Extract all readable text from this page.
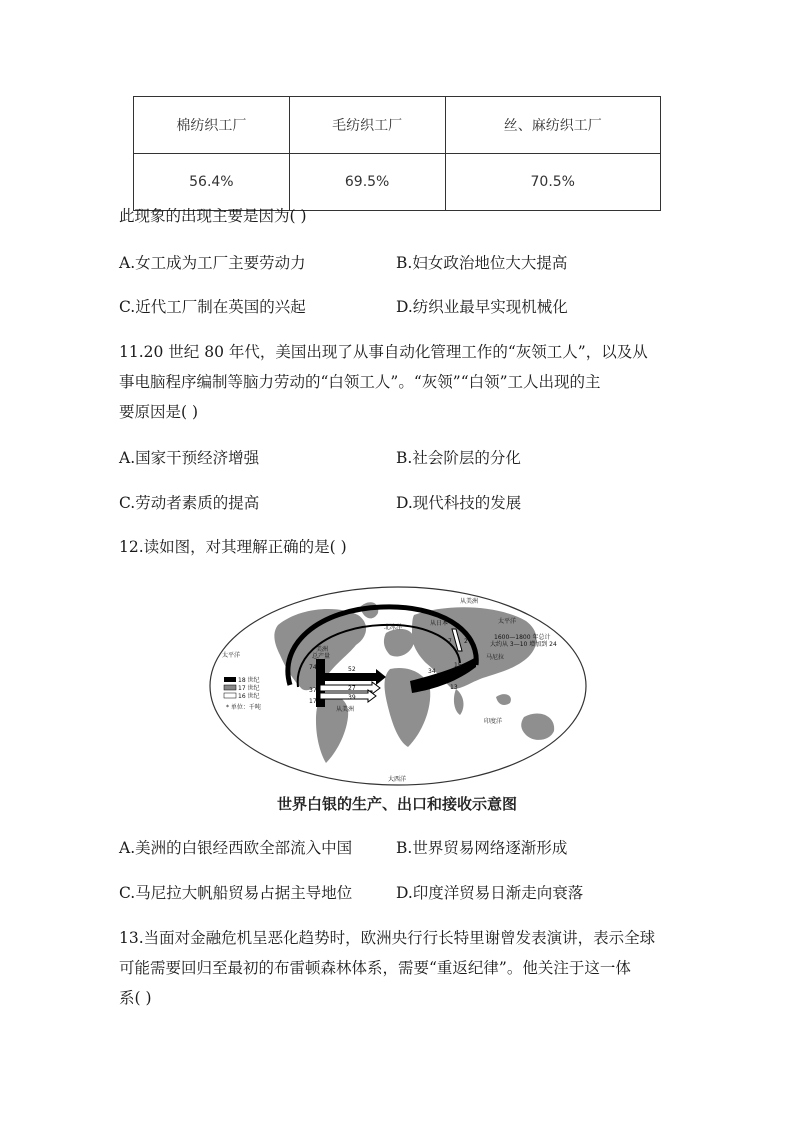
棉纺织工厂	毛纺织工厂	丝、麻纺织工厂
56.4%	69.5%	70.5%
此现象的出现主要是因为( )
A.女工成为工厂主要劳动力	B.妇女政治地位大大提高
C.近代工厂制在英国的兴起	D.纺织业最早实现机械化
11.20 世纪 80 年代，美国出现了从事自动化管理工作的“灰领工人”，以及从
事电脑程序编制等脑力劳动的“白领工人”。“灰领”“白领”工人出现的主
要原因是( )
A.国家干预经济增强	B.社会阶层的分化
C.劳动者素质的提高	D.现代科技的发展
12.读如图，对其理解正确的是( )
18 世纪
17 世纪
16 世纪
* 单位：千吨
太平洋
太平洋
北冰洋
印度洋
大西洋
从日本
从美洲
美洲
总产量
从美洲
马尼拉
1600—1800 年总计
大约从 3—10 增加到 24
74	52
37
17
27
39
7 2
34
15
13
世界白银的生产、出口和接收示意图
A.美洲的白银经西欧全部流入中国	B.世界贸易网络逐渐形成
C.马尼拉大帆船贸易占据主导地位	D.印度洋贸易日渐走向衰落
13.当面对金融危机呈恶化趋势时，欧洲央行行长特里谢曾发表演讲，表示全球
可能需要回归至最初的布雷顿森林体系，需要“重返纪律”。他关注于这一体
系( )
